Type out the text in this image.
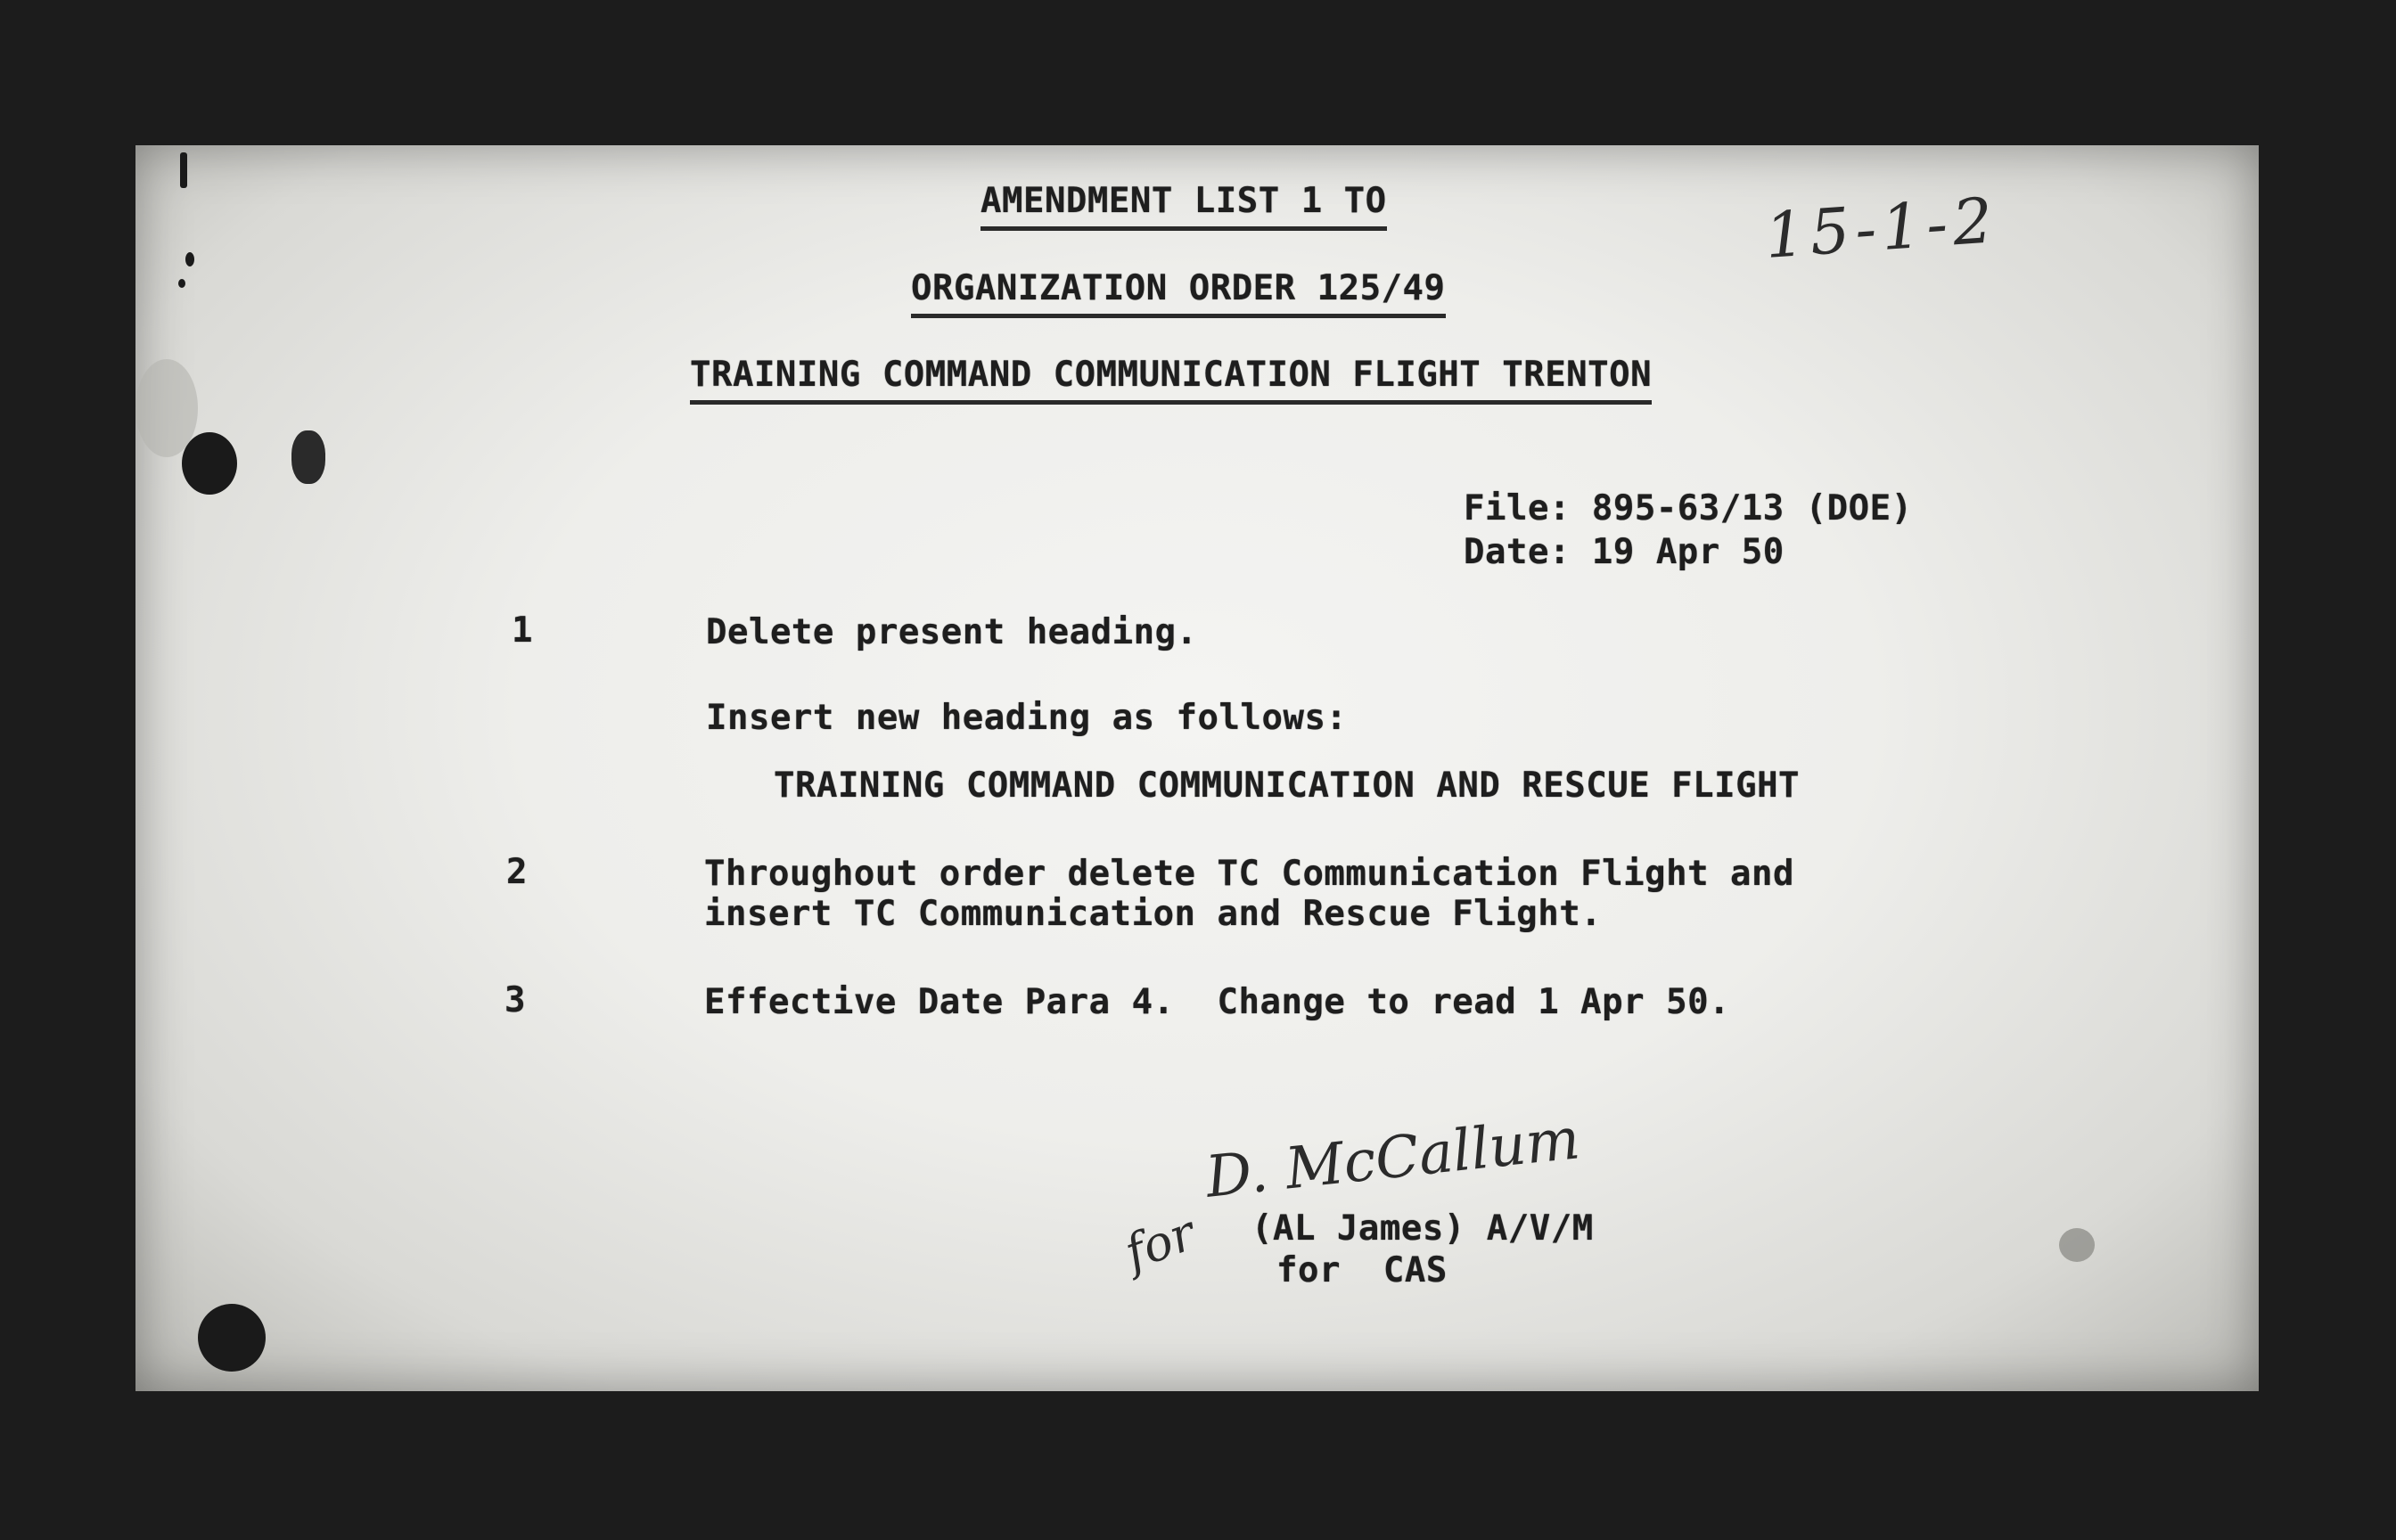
AMENDMENT LIST 1 TO
ORGANIZATION ORDER 125/49
TRAINING COMMAND COMMUNICATION FLIGHT TRENTON
15-1-2
File: 895-63/13 (DOE)
Date: 19 Apr 50
1	Delete present heading.
Insert new heading as follows:
TRAINING COMMAND COMMUNICATION AND RESCUE FLIGHT
2	Throughout order delete TC Communication Flight and
insert TC Communication and Rescue Flight.
3	Effective Date Para 4.  Change to read 1 Apr 50.
D. McCallum
for (AL James) A/V/M
for  CAS
